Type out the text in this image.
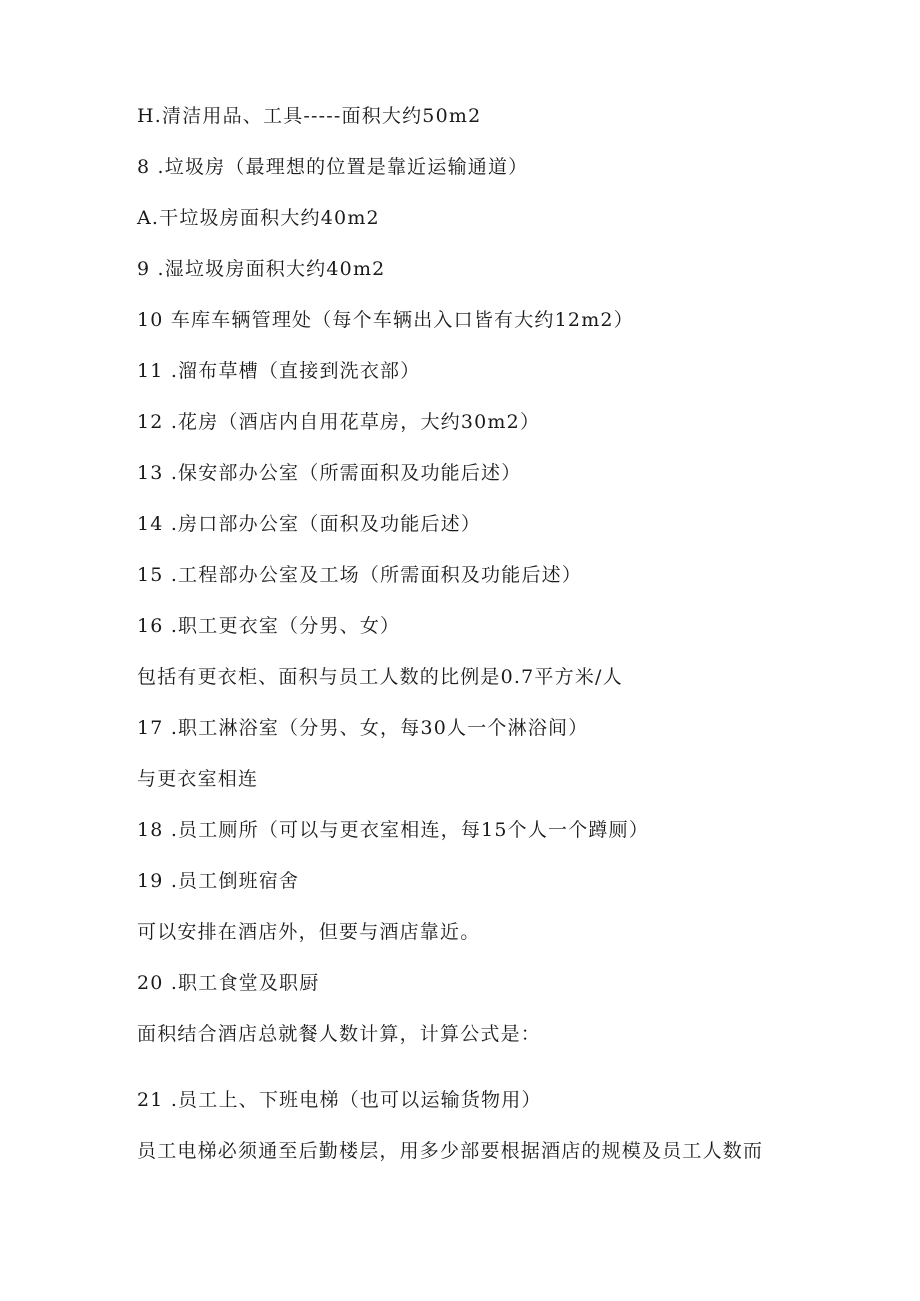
H.清洁用品、工具-----面积大约50m2
8 .垃圾房（最理想的位置是靠近运输通道）
A.干垃圾房面积大约40m2
9 .湿垃圾房面积大约40m2
10 车库车辆管理处（每个车辆出入口皆有大约12m2）
11 .溜布草槽（直接到洗衣部）
12 .花房（酒店内自用花草房，大约30m2）
13 .保安部办公室（所需面积及功能后述）
14 .房口部办公室（面积及功能后述）
15 .工程部办公室及工场（所需面积及功能后述）
16 .职工更衣室（分男、女）
包括有更衣柜、面积与员工人数的比例是0.7平方米/人
17 .职工淋浴室（分男、女，每30人一个淋浴间）
与更衣室相连
18 .员工厕所（可以与更衣室相连，每15个人一个蹲厕）
19 .员工倒班宿舍
可以安排在酒店外，但要与酒店靠近。
20 .职工食堂及职厨
面积结合酒店总就餐人数计算，计算公式是：
21 .员工上、下班电梯（也可以运输货物用）
员工电梯必须通至后勤楼层，用多少部要根据酒店的规模及员工人数而
